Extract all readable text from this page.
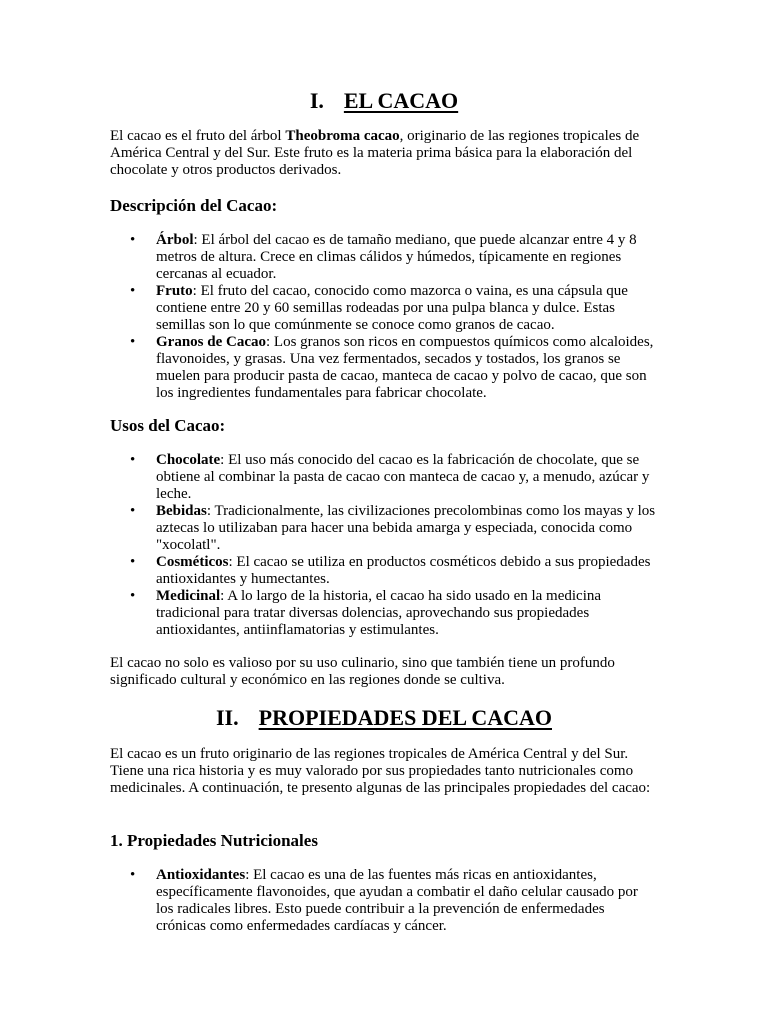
I. EL CACAO

El cacao es el fruto del árbol Theobroma cacao, originario de las regiones tropicales de América Central y del Sur. Este fruto es la materia prima básica para la elaboración del chocolate y otros productos derivados.

Descripción del Cacao:
• Árbol: El árbol del cacao es de tamaño mediano, que puede alcanzar entre 4 y 8 metros de altura. Crece en climas cálidos y húmedos, típicamente en regiones cercanas al ecuador.
• Fruto: El fruto del cacao, conocido como mazorca o vaina, es una cápsula que contiene entre 20 y 60 semillas rodeadas por una pulpa blanca y dulce. Estas semillas son lo que comúnmente se conoce como granos de cacao.
• Granos de Cacao: Los granos son ricos en compuestos químicos como alcaloides, flavonoides, y grasas. Una vez fermentados, secados y tostados, los granos se muelen para producir pasta de cacao, manteca de cacao y polvo de cacao, que son los ingredientes fundamentales para fabricar chocolate.
Usos del Cacao:
• Chocolate: El uso más conocido del cacao es la fabricación de chocolate, que se obtiene al combinar la pasta de cacao con manteca de cacao y, a menudo, azúcar y leche.
• Bebidas: Tradicionalmente, las civilizaciones precolombinas como los mayas y los aztecas lo utilizaban para hacer una bebida amarga y especiada, conocida como "xocolatl".
• Cosméticos: El cacao se utiliza en productos cosméticos debido a sus propiedades antioxidantes y humectantes.
• Medicinal: A lo largo de la historia, el cacao ha sido usado en la medicina tradicional para tratar diversas dolencias, aprovechando sus propiedades antioxidantes, antiinflamatorias y estimulantes.

El cacao no solo es valioso por su uso culinario, sino que también tiene un profundo significado cultural y económico en las regiones donde se cultiva.

II. PROPIEDADES DEL CACAO

El cacao es un fruto originario de las regiones tropicales de América Central y del Sur. Tiene una rica historia y es muy valorado por sus propiedades tanto nutricionales como medicinales. A continuación, te presento algunas de las principales propiedades del cacao:

1. Propiedades Nutricionales
• Antioxidantes: El cacao es una de las fuentes más ricas en antioxidantes, específicamente flavonoides, que ayudan a combatir el daño celular causado por los radicales libres. Esto puede contribuir a la prevención de enfermedades crónicas como enfermedades cardíacas y cáncer.
